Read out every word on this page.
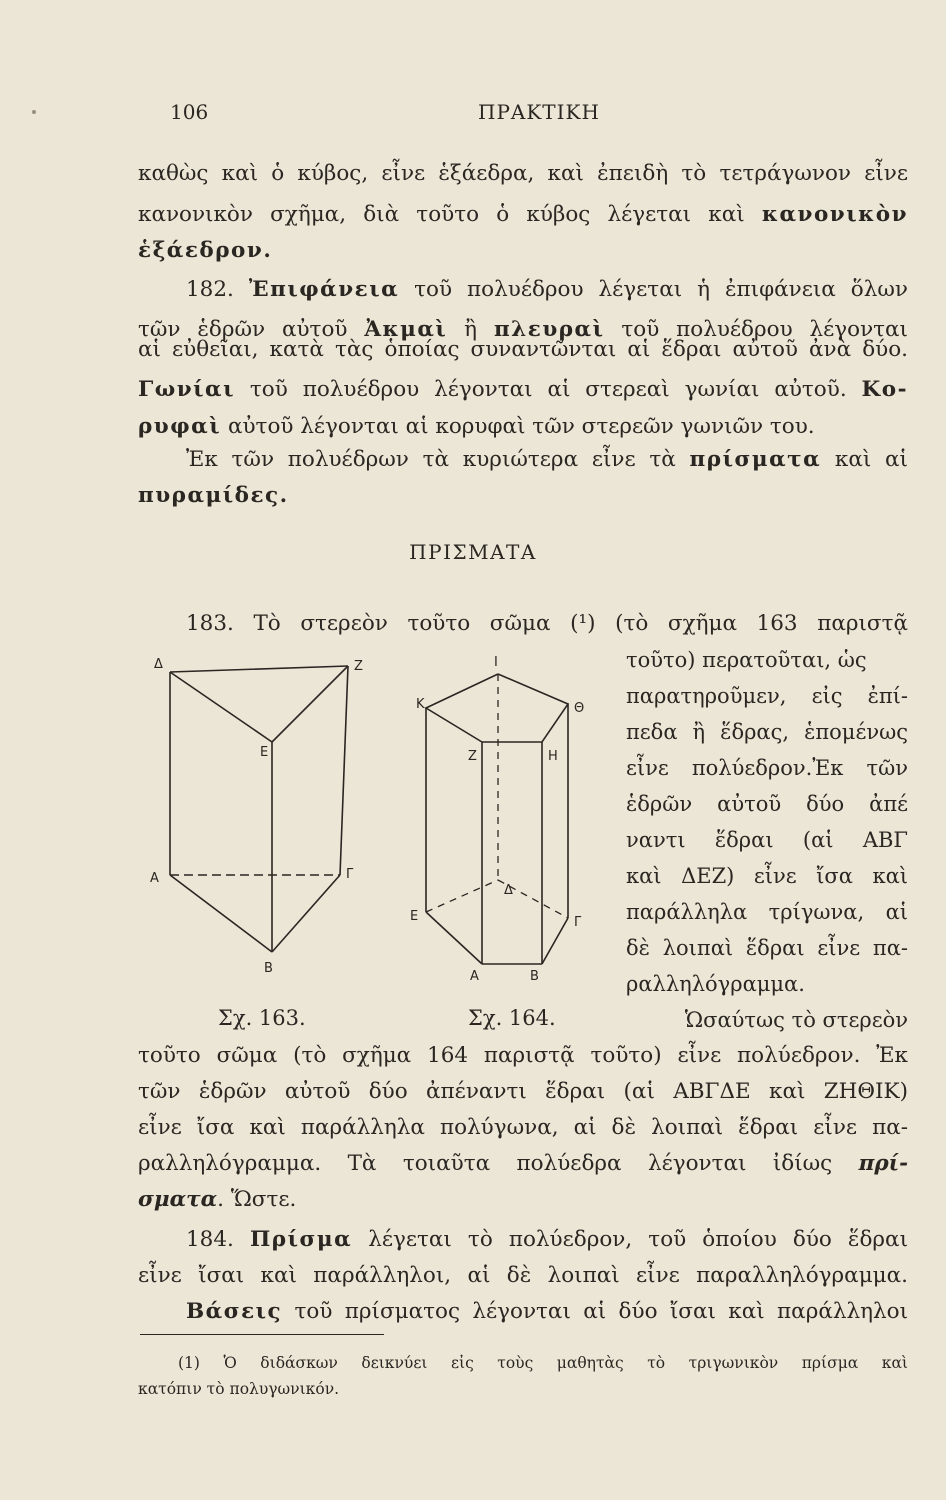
106	ΠΡΑΚΤΙΚΗ
καθὼς καὶ ὁ κύβος, εἶνε ἑξάεδρα, καὶ ἐπειδὴ τὸ τετράγωνον εἶνε
κανονικὸν σχῆμα, διὰ τοῦτο ὁ κύβος λέγεται καὶ κανονικὸν
ἑξάεδρον.
182. Ἐπιφάνεια τοῦ πολυέδρου λέγεται ἡ ἐπιφάνεια ὅλων
τῶν ἑδρῶν αὐτοῦ Ἀκμαὶ ἢ πλευραὶ τοῦ πολυέδρου λέγονται
αἱ εὐθεῖαι, κατὰ τὰς ὁποίας συναντῶνται αἱ ἕδραι αὐτοῦ ἀνὰ δύο.
Γωνίαι τοῦ πολυέδρου λέγονται αἱ στερεαὶ γωνίαι αὐτοῦ. Κο-
ρυφαὶ αὐτοῦ λέγονται αἱ κορυφαὶ τῶν στερεῶν γωνιῶν του.
Ἐκ τῶν πολυέδρων τὰ κυριώτερα εἶνε τὰ πρίσματα καὶ αἱ
πυραμίδες.
ΠΡΙΣΜΑΤΑ
183. Τὸ στερεὸν τοῦτο σῶμα (¹) (τὸ σχῆμα 163 παριστᾷ
τοῦτο) περατοῦται, ὡς
παρατηροῦμεν, εἰς ἐπί-
πεδα ἢ ἕδρας, ἑπομένως
εἶνε πολύεδρον.Ἐκ τῶν
ἑδρῶν αὐτοῦ δύο ἀπέ
ναντι ἕδραι (αἱ ΑΒΓ
καὶ ΔΕΖ) εἶνε ἴσα καὶ
παράλληλα τρίγωνα, αἱ
δὲ λοιπαὶ ἕδραι εἶνε πα-
ραλληλόγραμμα.
Ὡσαύτως τὸ στερεὸν
Δ	Z
E
A	Γ
B
I
K	Θ
Z	H
Δ
E	Γ
A	B
Σχ. 163.	Σχ. 164.
τοῦτο σῶμα (τὸ σχῆμα 164 παριστᾷ τοῦτο) εἶνε πολύεδρον. Ἐκ
τῶν ἑδρῶν αὐτοῦ δύο ἀπέναντι ἕδραι (αἱ ΑΒΓΔΕ καὶ ΖΗΘΙΚ)
εἶνε ἴσα καὶ παράλληλα πολύγωνα, αἱ δὲ λοιπαὶ ἕδραι εἶνε πα-
ραλληλόγραμμα. Τὰ τοιαῦτα πολύεδρα λέγονται ἰδίως πρί-
σματα. Ὥστε.
184. Πρίσμα λέγεται τὸ πολύεδρον, τοῦ ὁποίου δύο ἕδραι
εἶνε ἴσαι καὶ παράλληλοι, αἱ δὲ λοιπαὶ εἶνε παραλληλόγραμμα.
Βάσεις τοῦ πρίσματος λέγονται αἱ δύο ἴσαι καὶ παράλληλοι
(1) Ὁ διδάσκων δεικνύει εἰς τοὺς μαθητὰς τὸ τριγωνικὸν πρίσμα καὶ
κατόπιν τὸ πολυγωνικόν.
